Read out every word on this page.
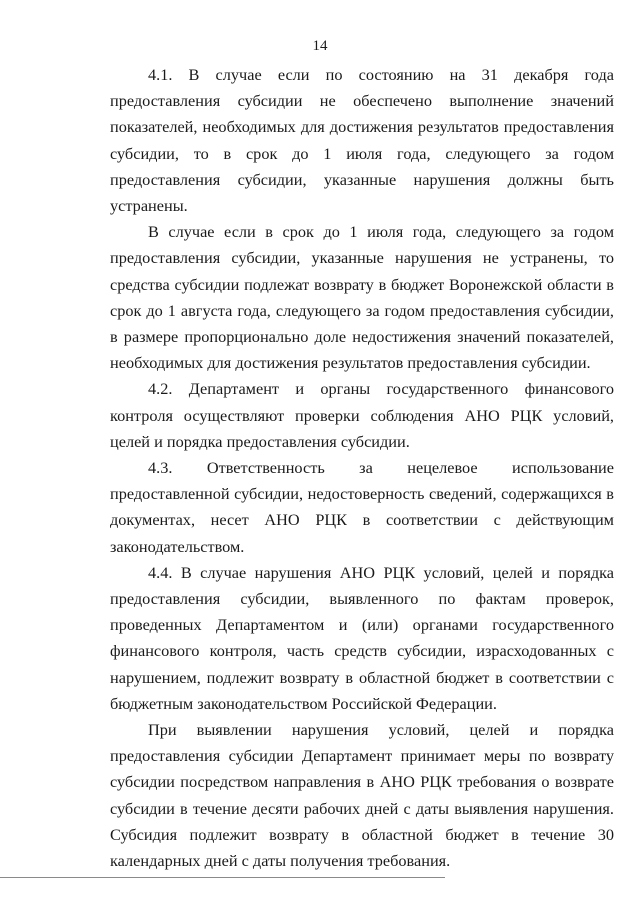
14

4.1. В случае если по состоянию на 31 декабря года предоставления субсидии не обеспечено выполнение значений показателей, необходимых для достижения результатов предоставления субсидии, то в срок до 1 июля года, следующего за годом предоставления субсидии, указанные нарушения должны быть устранены.

В случае если в срок до 1 июля года, следующего за годом предоставления субсидии, указанные нарушения не устранены, то средства субсидии подлежат возврату в бюджет Воронежской области в срок до 1 августа года, следующего за годом предоставления субсидии, в размере пропорционально доле недостижения значений показателей, необходимых для достижения результатов предоставления субсидии.

4.2. Департамент и органы государственного финансового контроля осуществляют проверки соблюдения АНО РЦК условий, целей и порядка предоставления субсидии.

4.3. Ответственность за нецелевое использование предоставленной субсидии, недостоверность сведений, содержащихся в документах, несет АНО РЦК в соответствии с действующим законодательством.

4.4. В случае нарушения АНО РЦК условий, целей и порядка предоставления субсидии, выявленного по фактам проверок, проведенных Департаментом и (или) органами государственного финансового контроля, часть средств субсидии, израсходованных с нарушением, подлежит возврату в областной бюджет в соответствии с бюджетным законодательством Российской Федерации.

При выявлении нарушения условий, целей и порядка предоставления субсидии Департамент принимает меры по возврату субсидии посредством направления в АНО РЦК требования о возврате субсидии в течение десяти рабочих дней с даты выявления нарушения. Субсидия подлежит возврату в областной бюджет в течение 30 календарных дней с даты получения требования.
